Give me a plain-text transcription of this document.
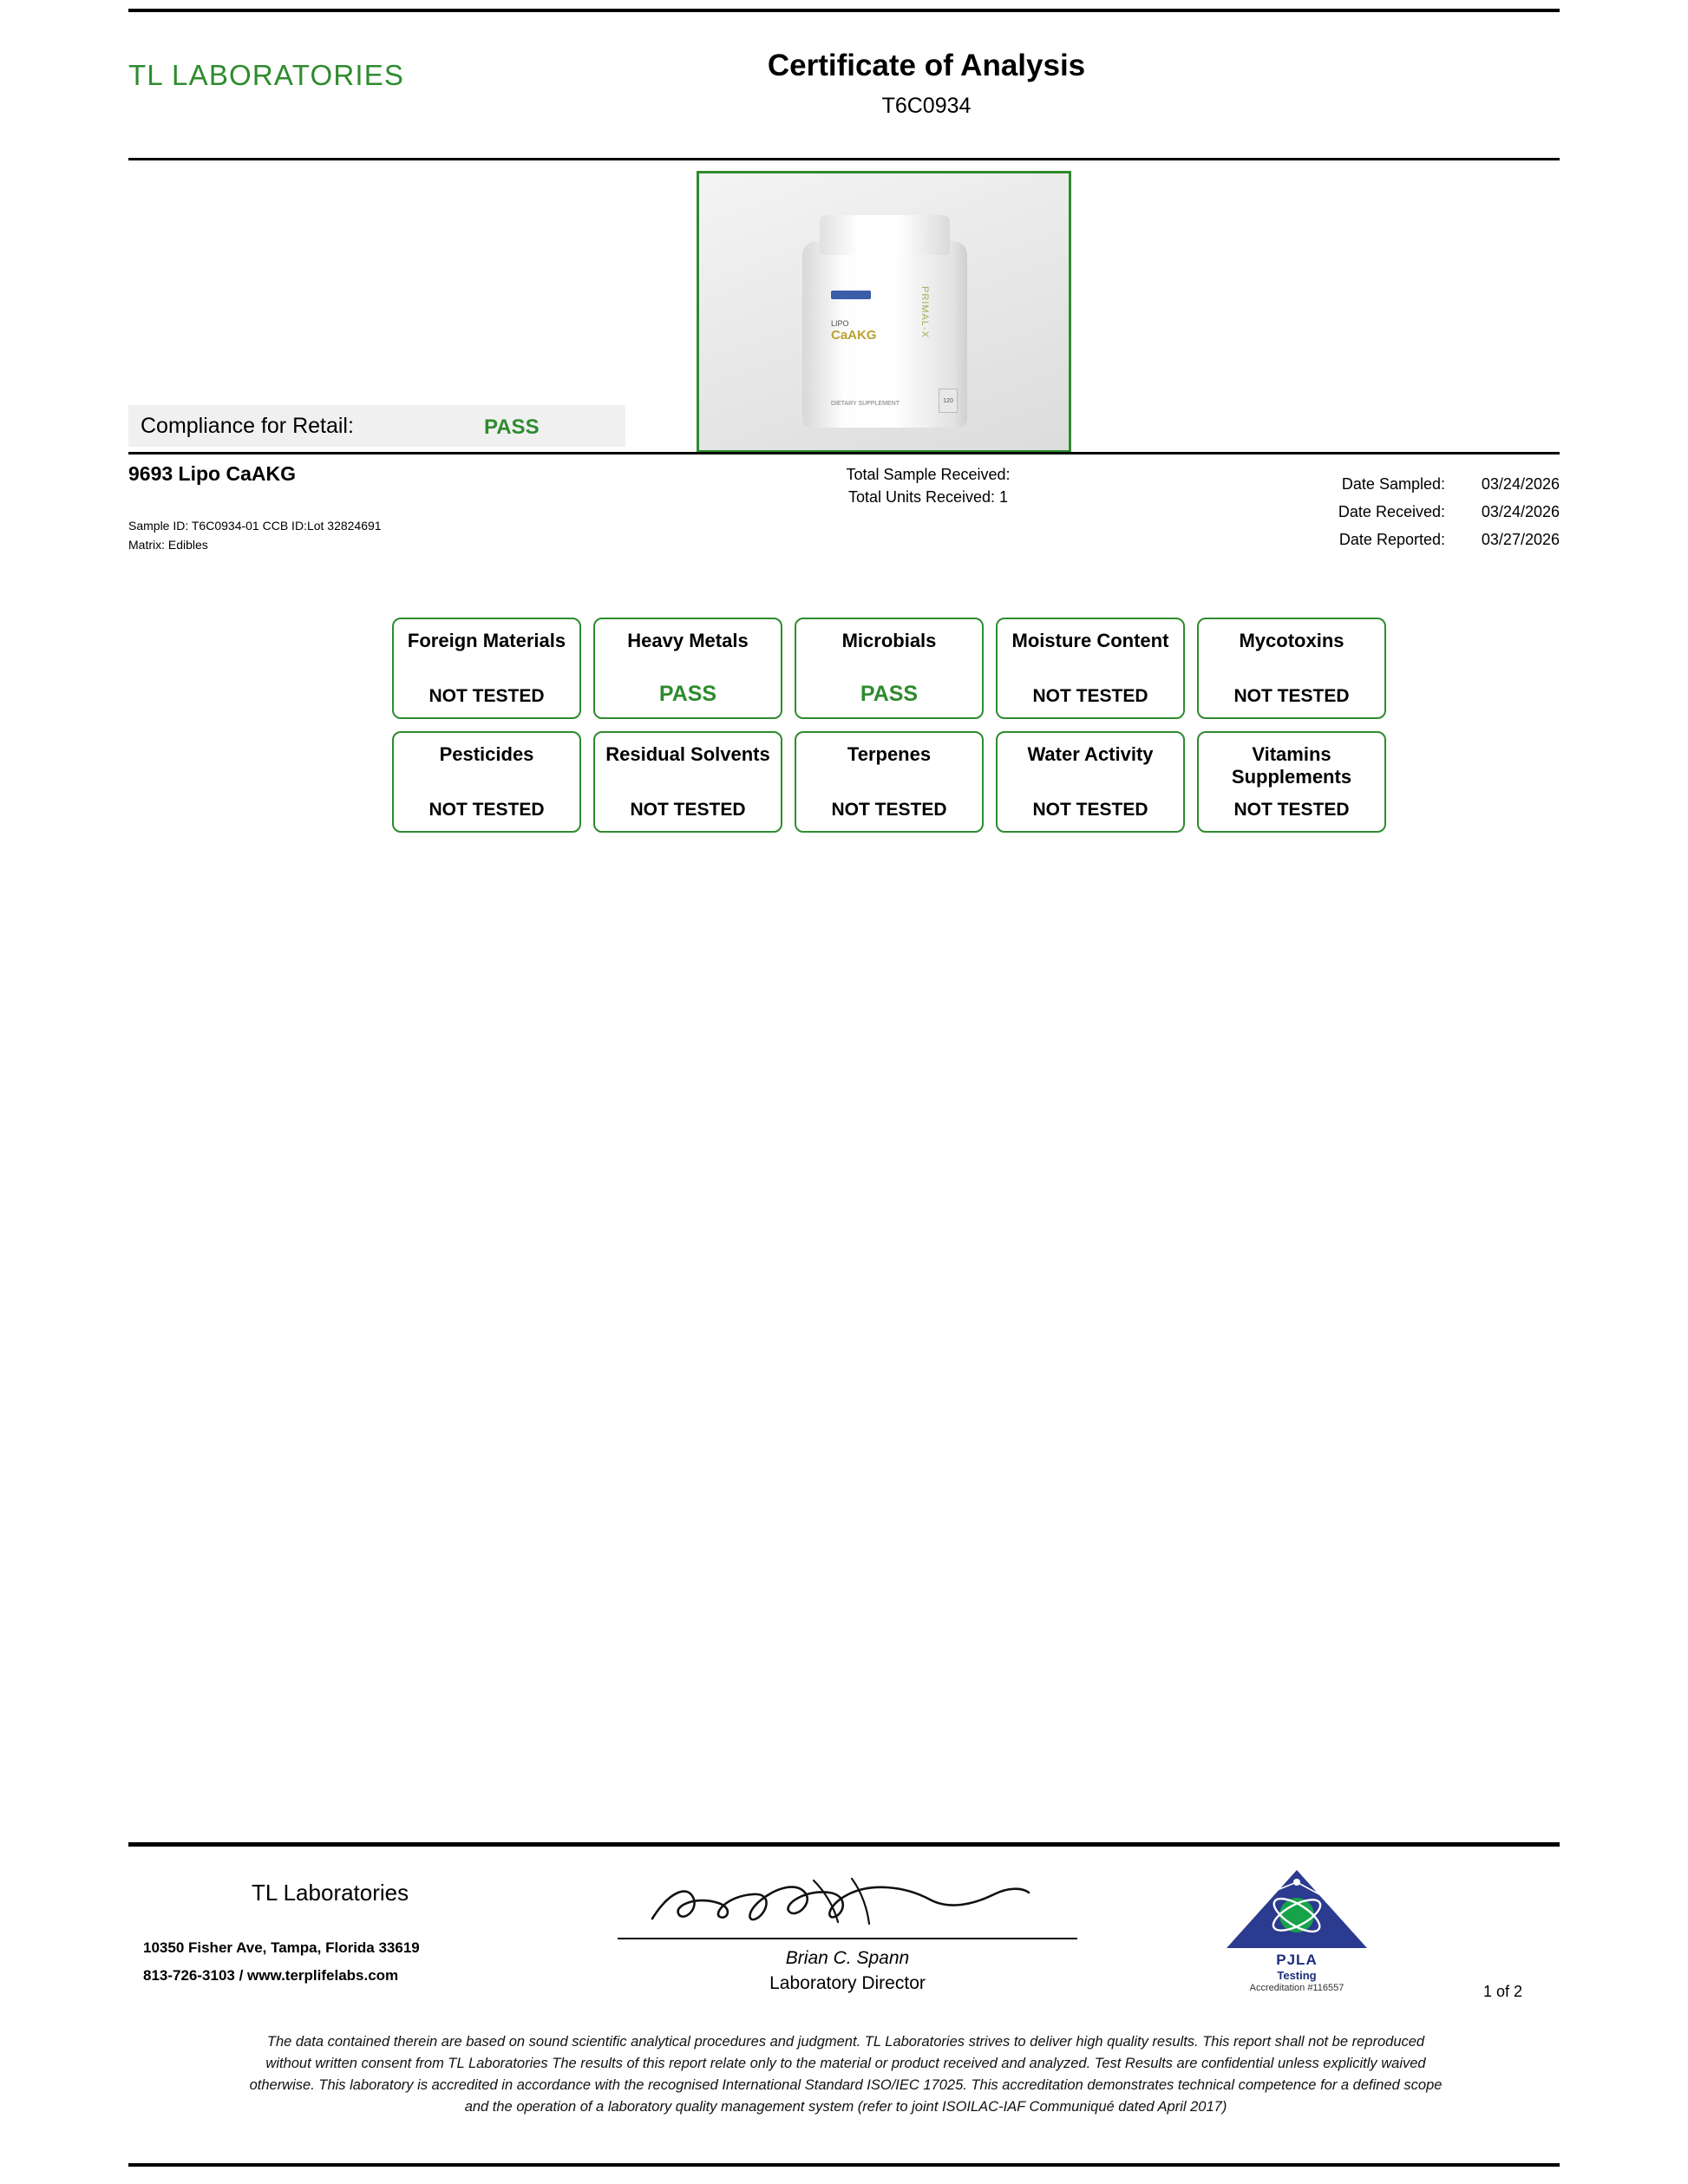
TL LABORATORIES	Certificate of Analysis
T6C0934
LIPO
CaAKG	PRIMAL-X
DIETARY SUPPLEMENT	120
Compliance for Retail:	PASS
9693 Lipo CaAKG
Sample ID: T6C0934-01 CCB ID:Lot 32824691
Matrix: Edibles
Total Sample Received:
Total Units Received: 1
Date Sampled: 03/24/2026
Date Received: 03/24/2026
Date Reported: 03/27/2026
Foreign Materials
NOT TESTED
Heavy Metals
PASS
Microbials
PASS
Moisture Content
NOT TESTED
Mycotoxins
NOT TESTED
Pesticides
NOT TESTED
Residual Solvents
NOT TESTED
Terpenes
NOT TESTED
Water Activity
NOT TESTED
Vitamins Supplements
NOT TESTED
TL Laboratories
10350 Fisher Ave, Tampa, Florida 33619
813-726-3103 / www.terplifelabs.com
Brian C. Spann
Laboratory Director
PJLA
Testing
Accreditation #116557	1 of 2
The data contained therein are based on sound scientific analytical procedures and judgment. TL Laboratories strives to deliver high quality results. This report shall not be reproduced without written consent from TL Laboratories The results of this report relate only to the material or product received and analyzed. Test Results are confidential unless explicitly waived otherwise. This laboratory is accredited in accordance with the recognised International Standard ISO/IEC 17025. This accreditation demonstrates technical competence for a defined scope and the operation of a laboratory quality management system (refer to joint ISOILAC-IAF Communiqué dated April 2017)
